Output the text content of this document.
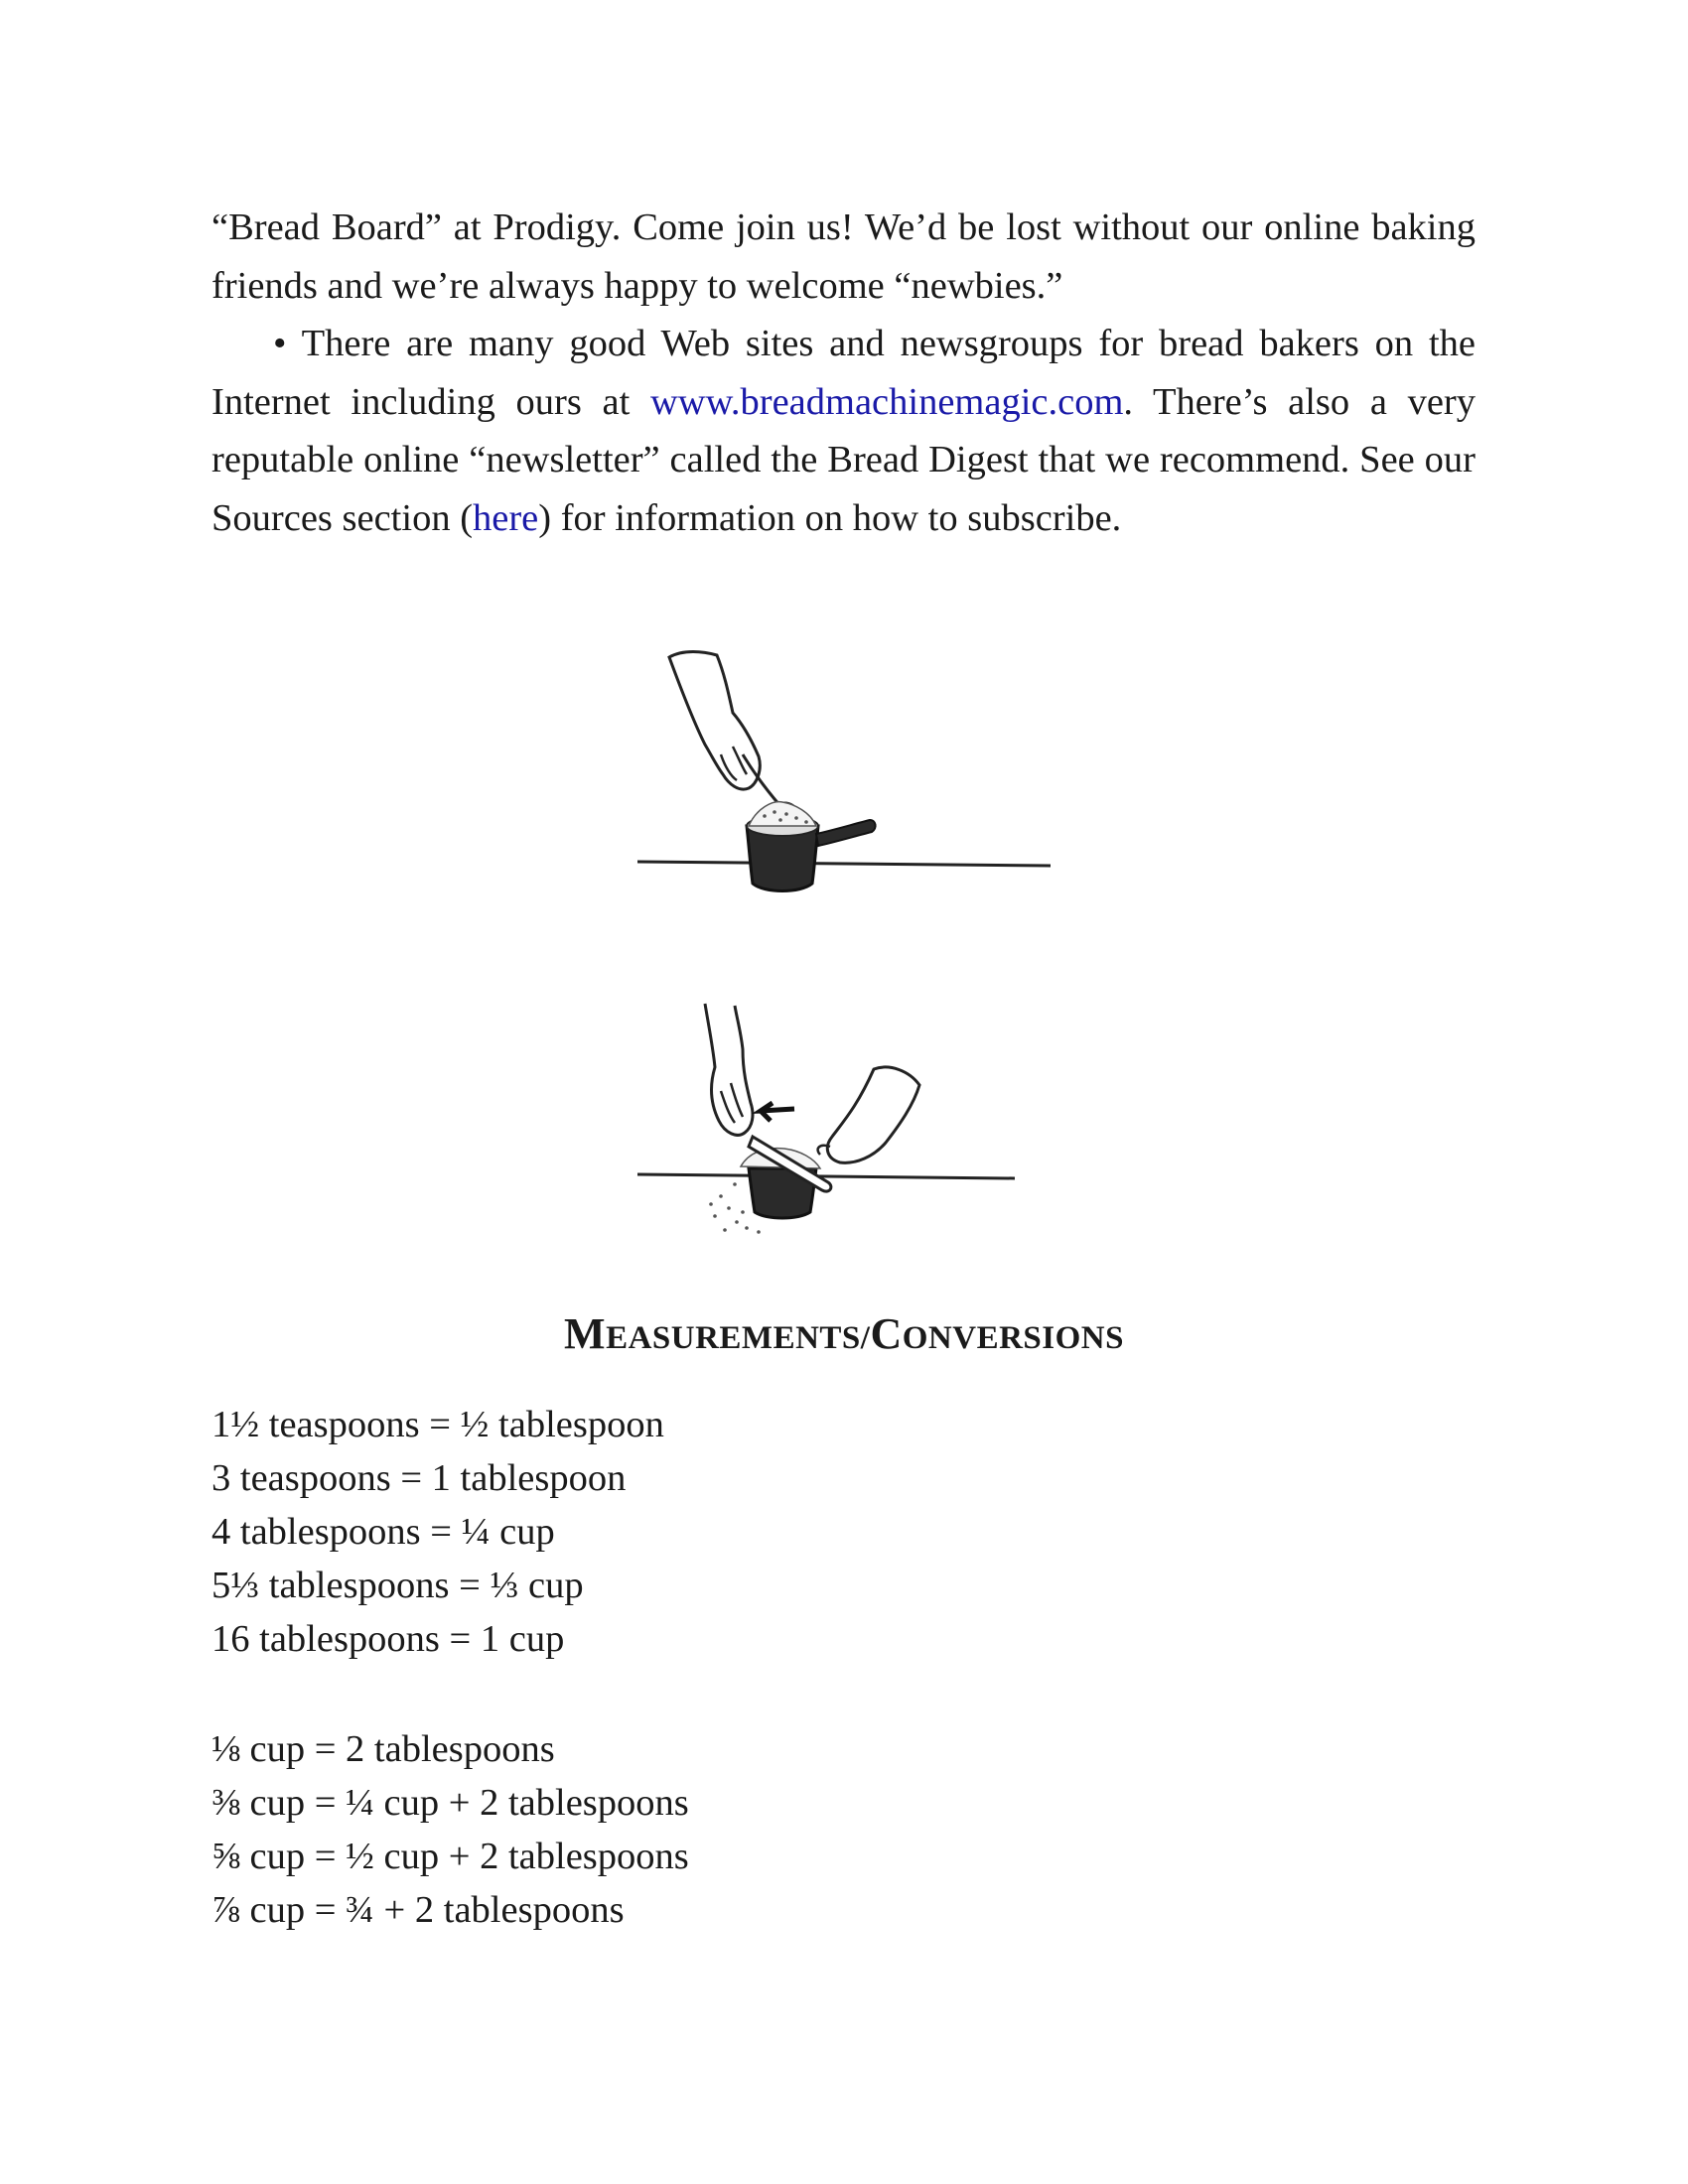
“Bread Board” at Prodigy. Come join us! We’d be lost without our online baking friends and we’re always happy to welcome “newbies.”

• There are many good Web sites and newsgroups for bread bakers on the Internet including ours at www.breadmachinemagic.com. There’s also a very reputable online “newsletter” called the Bread Digest that we recommend. See our Sources section (here) for information on how to subscribe.

MEASUREMENTS/CONVERSIONS
1½ teaspoons = ½ tablespoon
3 teaspoons = 1 tablespoon
4 tablespoons = ¼ cup
5⅓ tablespoons = ⅓ cup
16 tablespoons = 1 cup
⅛ cup = 2 tablespoons
⅜ cup = ¼ cup + 2 tablespoons
⅝ cup = ½ cup + 2 tablespoons
⅞ cup = ¾ + 2 tablespoons
